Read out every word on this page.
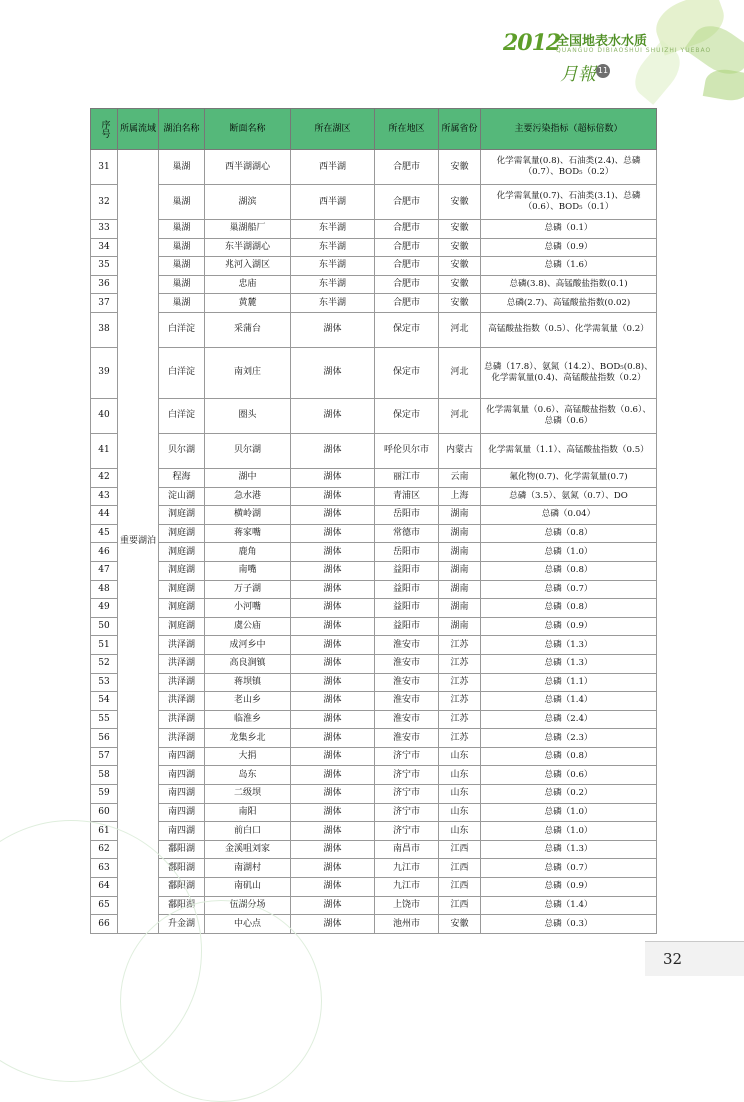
2012
全国地表水水质
QUANGUO DIBIAOSHUI SHUIZHI YUEBAO
月報 11
序号	所属流域	湖泊名称	断面名称	所在湖区	所在地区	所属省份	主要污染指标（超标倍数）
31	重要湖泊	巢湖	西半湖湖心	西半湖	合肥市	安徽	化学需氧量(0.8)、石油类(2.4)、总磷（0.7）、BOD₅（0.2）
32		巢湖	湖滨	西半湖	合肥市	安徽	化学需氧量(0.7)、石油类(3.1)、总磷（0.6）、BOD₅（0.1）
33		巢湖	巢湖船厂	东半湖	合肥市	安徽	总磷（0.1）
34		巢湖	东半湖湖心	东半湖	合肥市	安徽	总磷（0.9）
35		巢湖	兆河入湖区	东半湖	合肥市	安徽	总磷（1.6）
36		巢湖	忠庙	东半湖	合肥市	安徽	总磷(3.8)、高锰酸盐指数(0.1)
37		巢湖	黄麓	东半湖	合肥市	安徽	总磷(2.7)、高锰酸盐指数(0.02)
38		白洋淀	采蒲台	湖体	保定市	河北	高锰酸盐指数（0.5）、化学需氧量（0.2）
39		白洋淀	南刘庄	湖体	保定市	河北	总磷（17.8）、氨氮（14.2）、BOD₅(0.8)、化学需氧量(0.4)、高锰酸盐指数（0.2）
40		白洋淀	圈头	湖体	保定市	河北	化学需氧量（0.6）、高锰酸盐指数（0.6）、总磷（0.6）
41		贝尔湖	贝尔湖	湖体	呼伦贝尔市	内蒙古	化学需氧量（1.1）、高锰酸盐指数（0.5）
42		程海	湖中	湖体	丽江市	云南	氟化物(0.7)、化学需氧量(0.7)
43		淀山湖	急水港	湖体	青浦区	上海	总磷（3.5）、氨氮（0.7）、DO
44		洞庭湖	横岭湖	湖体	岳阳市	湖南	总磷（0.04）
45		洞庭湖	蒋家嘴	湖体	常德市	湖南	总磷（0.8）
46		洞庭湖	鹿角	湖体	岳阳市	湖南	总磷（1.0）
47		洞庭湖	南嘴	湖体	益阳市	湖南	总磷（0.8）
48		洞庭湖	万子湖	湖体	益阳市	湖南	总磷（0.7）
49		洞庭湖	小河嘴	湖体	益阳市	湖南	总磷（0.8）
50		洞庭湖	虞公庙	湖体	益阳市	湖南	总磷（0.9）
51		洪泽湖	成河乡中	湖体	淮安市	江苏	总磷（1.3）
52		洪泽湖	高良涧镇	湖体	淮安市	江苏	总磷（1.3）
53		洪泽湖	蒋坝镇	湖体	淮安市	江苏	总磷（1.1）
54		洪泽湖	老山乡	湖体	淮安市	江苏	总磷（1.4）
55		洪泽湖	临淮乡	湖体	淮安市	江苏	总磷（2.4）
56		洪泽湖	龙集乡北	湖体	淮安市	江苏	总磷（2.3）
57		南四湖	大捐	湖体	济宁市	山东	总磷（0.8）
58		南四湖	岛东	湖体	济宁市	山东	总磷（0.6）
59		南四湖	二级坝	湖体	济宁市	山东	总磷（0.2）
60		南四湖	南阳	湖体	济宁市	山东	总磷（1.0）
61		南四湖	前白口	湖体	济宁市	山东	总磷（1.0）
62		鄱阳湖	金溪咀刘家	湖体	南昌市	江西	总磷（1.3）
63		鄱阳湖	南湖村	湖体	九江市	江西	总磷（0.7）
64		鄱阳湖	南矶山	湖体	九江市	江西	总磷（0.9）
65		鄱阳湖	伍湖分场	湖体	上饶市	江西	总磷（1.4）
66		升金湖	中心点	湖体	池州市	安徽	总磷（0.3）
32
